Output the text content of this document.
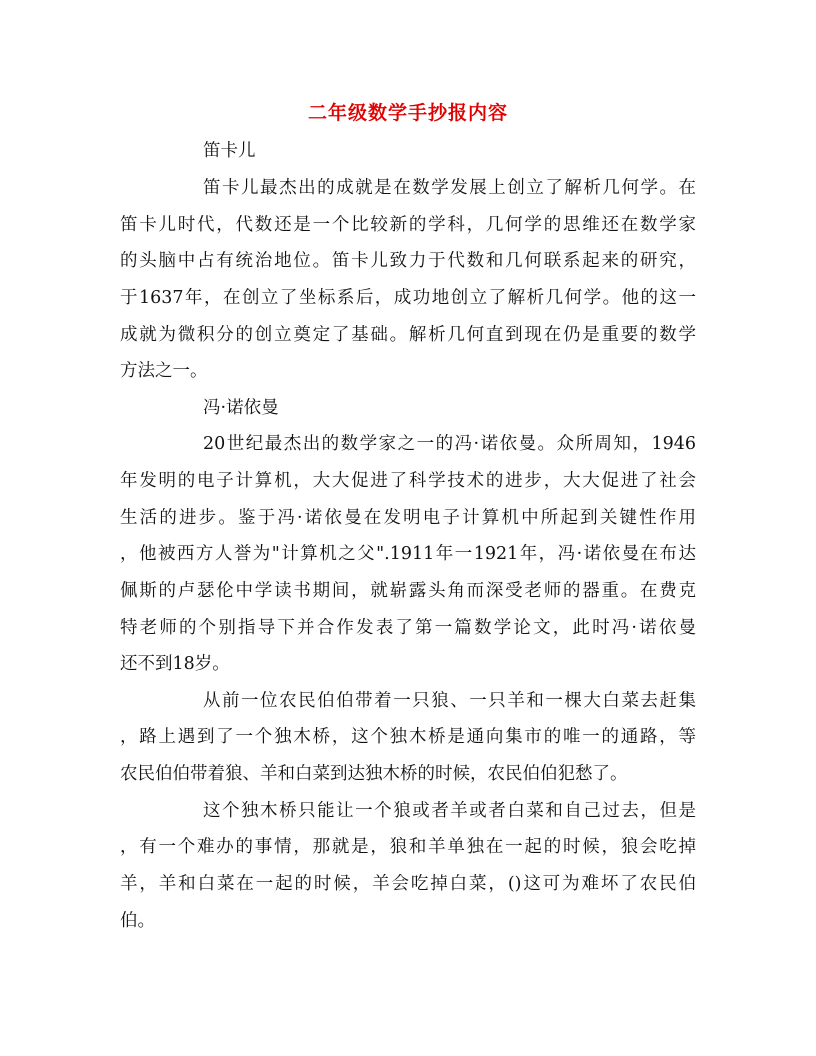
二年级数学手抄报内容
笛卡儿
笛卡儿最杰出的成就是在数学发展上创立了解析几何学。在
笛卡儿时代，代数还是一个比较新的学科，几何学的思维还在数学家
的头脑中占有统治地位。笛卡儿致力于代数和几何联系起来的研究，
于1637年，在创立了坐标系后，成功地创立了解析几何学。他的这一
成就为微积分的创立奠定了基础。解析几何直到现在仍是重要的数学
方法之一。
冯·诺依曼
20世纪最杰出的数学家之一的冯·诺依曼。众所周知，1946
年发明的电子计算机，大大促进了科学技术的进步，大大促进了社会
生活的进步。鉴于冯·诺依曼在发明电子计算机中所起到关键性作用
，他被西方人誉为"计算机之父".1911年一1921年，冯·诺依曼在布达
佩斯的卢瑟伦中学读书期间，就崭露头角而深受老师的器重。在费克
特老师的个别指导下并合作发表了第一篇数学论文，此时冯·诺依曼
还不到18岁。
从前一位农民伯伯带着一只狼、一只羊和一棵大白菜去赶集
，路上遇到了一个独木桥，这个独木桥是通向集市的唯一的通路，等
农民伯伯带着狼、羊和白菜到达独木桥的时候，农民伯伯犯愁了。
这个独木桥只能让一个狼或者羊或者白菜和自己过去，但是
，有一个难办的事情，那就是，狼和羊单独在一起的时候，狼会吃掉
羊，羊和白菜在一起的时候，羊会吃掉白菜，()这可为难坏了农民伯
伯。
